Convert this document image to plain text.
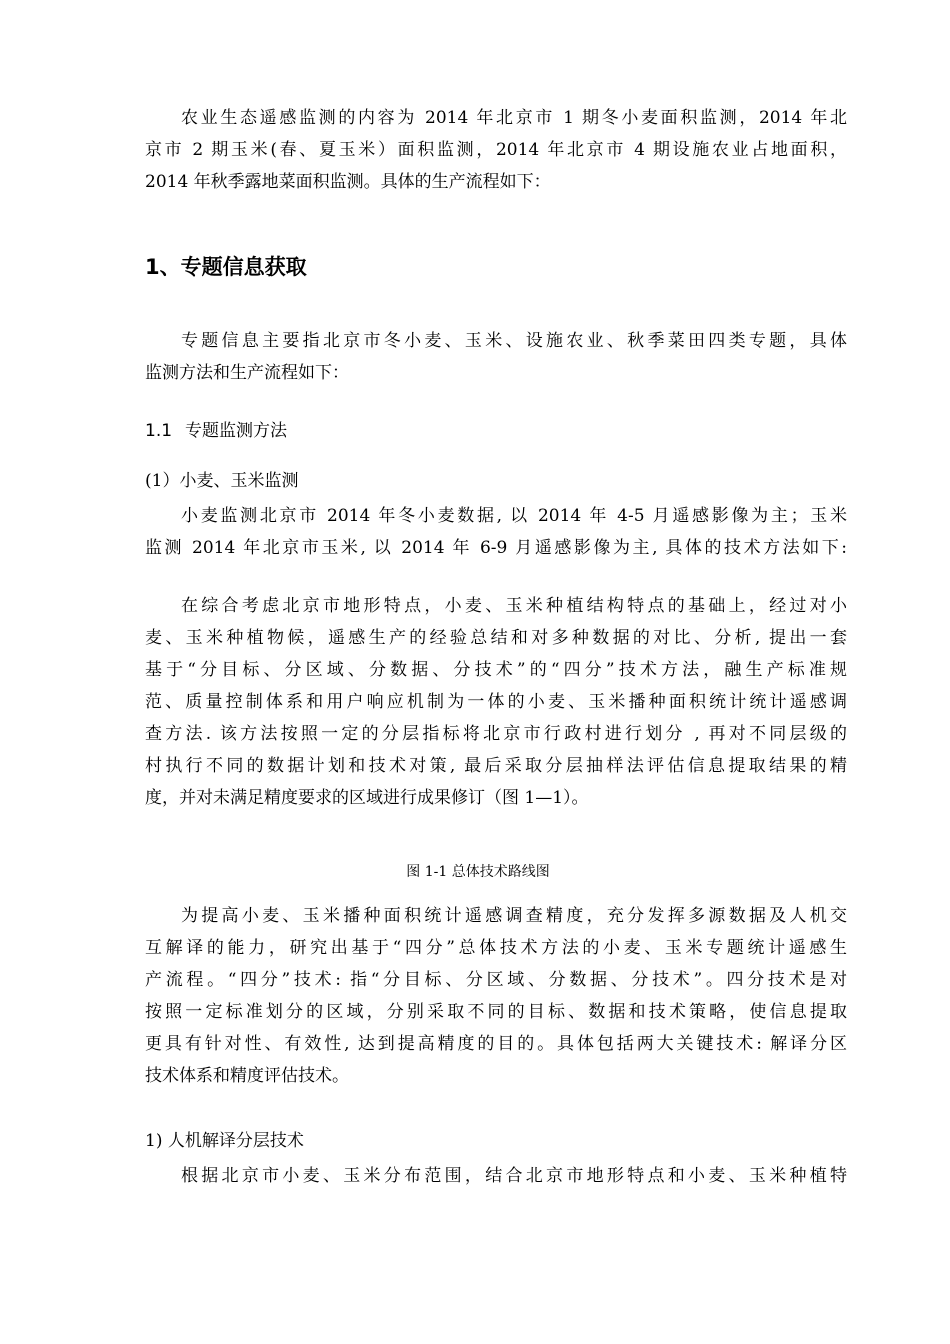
农业生态遥感监测的内容为 2014 年北京市 1 期冬小麦面积监测，2014 年北
京市 2 期玉米(春、夏玉米）面积监测，2014 年北京市 4 期设施农业占地面积，
2014 年秋季露地菜面积监测。具体的生产流程如下：
1、专题信息获取
专题信息主要指北京市冬小麦、玉米、设施农业、秋季菜田四类专题，具体
监测方法和生产流程如下：
1.1 专题监测方法
(1）小麦、玉米监测
小麦监测北京市 2014 年冬小麦数据, 以 2014 年 4-5 月遥感影像为主；玉米
监测 2014 年北京市玉米, 以 2014 年 6-9 月遥感影像为主, 具体的技术方法如下:
在综合考虑北京市地形特点，小麦、玉米种植结构特点的基础上，经过对小
麦、玉米种植物候，遥感生产的经验总结和对多种数据的对比、分析, 提出一套
基于“分目标、分区域、分数据、分技术”的“四分”技术方法，融生产标准规
范、质量控制体系和用户响应机制为一体的小麦、玉米播种面积统计统计遥感调
查方法. 该方法按照一定的分层指标将北京市行政村进行划分 , 再对不同层级的
村执行不同的数据计划和技术对策, 最后采取分层抽样法评估信息提取结果的精
度，并对未满足精度要求的区域进行成果修订（图 1—1）。
图 1-1 总体技术路线图
为提高小麦、玉米播种面积统计遥感调查精度，充分发挥多源数据及人机交
互解译的能力，研究出基于“四分”总体技术方法的小麦、玉米专题统计遥感生
产流程。“四分”技术: 指“分目标、分区域、分数据、分技术”。四分技术是对
按照一定标准划分的区域，分别采取不同的目标、数据和技术策略，使信息提取
更具有针对性、有效性, 达到提高精度的目的。具体包括两大关键技术: 解译分区
技术体系和精度评估技术。
1) 人机解译分层技术
根据北京市小麦、玉米分布范围，结合北京市地形特点和小麦、玉米种植特
